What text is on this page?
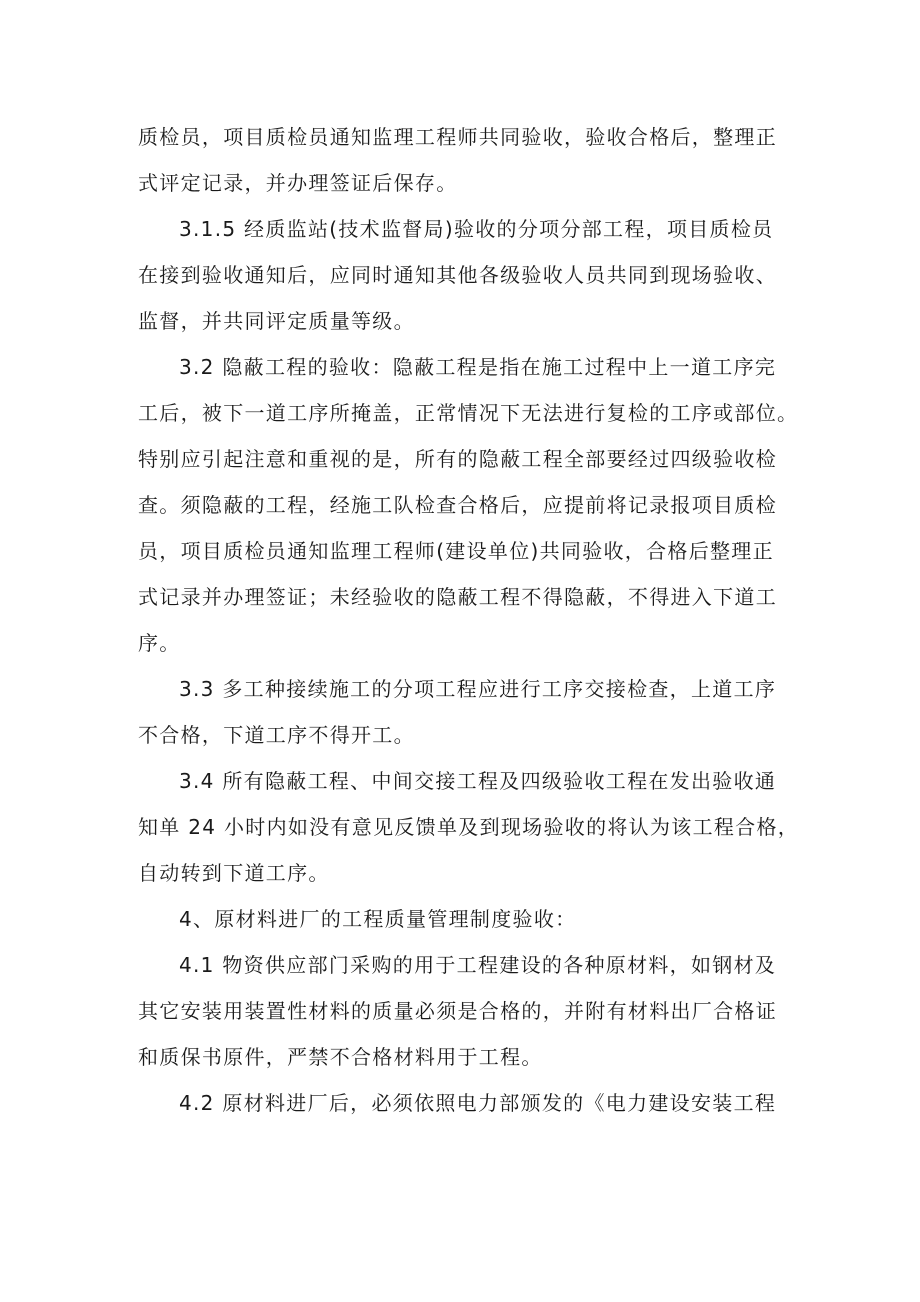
质检员，项目质检员通知监理工程师共同验收，验收合格后，整理正
式评定记录，并办理签证后保存。

3.1.5 经质监站(技术监督局)验收的分项分部工程，项目质检员
在接到验收通知后，应同时通知其他各级验收人员共同到现场验收、
监督，并共同评定质量等级。

3.2 隐蔽工程的验收：隐蔽工程是指在施工过程中上一道工序完
工后，被下一道工序所掩盖，正常情况下无法进行复检的工序或部位。
特别应引起注意和重视的是，所有的隐蔽工程全部要经过四级验收检
查。须隐蔽的工程，经施工队检查合格后，应提前将记录报项目质检
员，项目质检员通知监理工程师(建设单位)共同验收，合格后整理正
式记录并办理签证；未经验收的隐蔽工程不得隐蔽，不得进入下道工
序。

3.3 多工种接续施工的分项工程应进行工序交接检查，上道工序
不合格，下道工序不得开工。

3.4 所有隐蔽工程、中间交接工程及四级验收工程在发出验收通
知单 24 小时内如没有意见反馈单及到现场验收的将认为该工程合格，
自动转到下道工序。

4、原材料进厂的工程质量管理制度验收：

4.1 物资供应部门采购的用于工程建设的各种原材料，如钢材及
其它安装用装置性材料的质量必须是合格的，并附有材料出厂合格证
和质保书原件，严禁不合格材料用于工程。

4.2 原材料进厂后，必须依照电力部颁发的《电力建设安装工程
